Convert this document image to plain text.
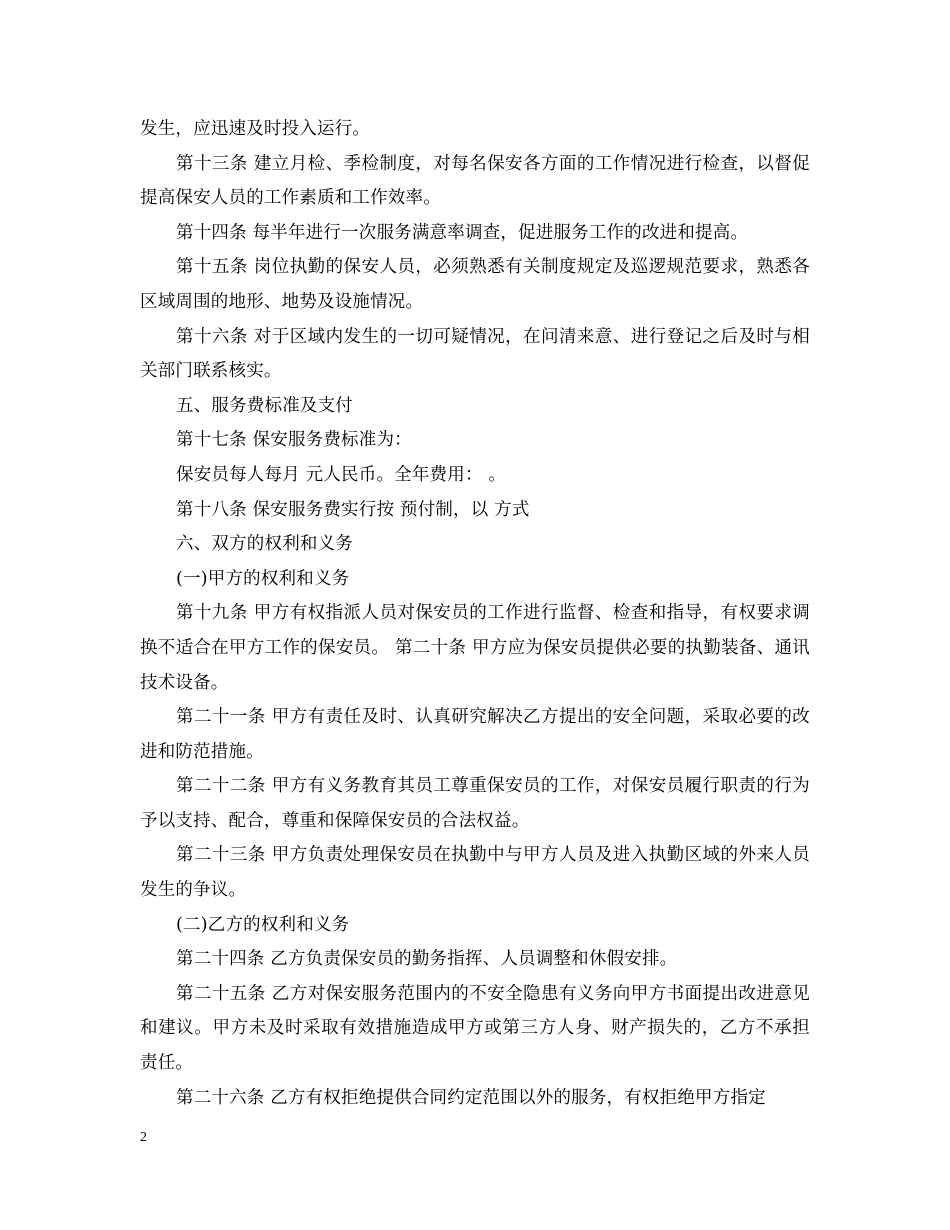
发生，应迅速及时投入运行。

第十三条 建立月检、季检制度，对每名保安各方面的工作情况进行检查，以督促提高保安人员的工作素质和工作效率。

第十四条 每半年进行一次服务满意率调查，促进服务工作的改进和提高。

第十五条 岗位执勤的保安人员，必须熟悉有关制度规定及巡逻规范要求，熟悉各区域周围的地形、地势及设施情况。

第十六条 对于区域内发生的一切可疑情况，在问清来意、进行登记之后及时与相关部门联系核实。

五、服务费标准及支付

第十七条 保安服务费标准为：

保安员每人每月 元人民币。全年费用： 。

第十八条 保安服务费实行按 预付制，以 方式

六、双方的权利和义务

(一)甲方的权利和义务

第十九条 甲方有权指派人员对保安员的工作进行监督、检查和指导，有权要求调换不适合在甲方工作的保安员。 第二十条 甲方应为保安员提供必要的执勤装备、通讯技术设备。

第二十一条 甲方有责任及时、认真研究解决乙方提出的安全问题，采取必要的改进和防范措施。

第二十二条 甲方有义务教育其员工尊重保安员的工作，对保安员履行职责的行为予以支持、配合，尊重和保障保安员的合法权益。

第二十三条 甲方负责处理保安员在执勤中与甲方人员及进入执勤区域的外来人员发生的争议。

(二)乙方的权利和义务

第二十四条 乙方负责保安员的勤务指挥、人员调整和休假安排。

第二十五条 乙方对保安服务范围内的不安全隐患有义务向甲方书面提出改进意见和建议。甲方未及时采取有效措施造成甲方或第三方人身、财产损失的，乙方不承担责任。

第二十六条 乙方有权拒绝提供合同约定范围以外的服务，有权拒绝甲方指定

2
